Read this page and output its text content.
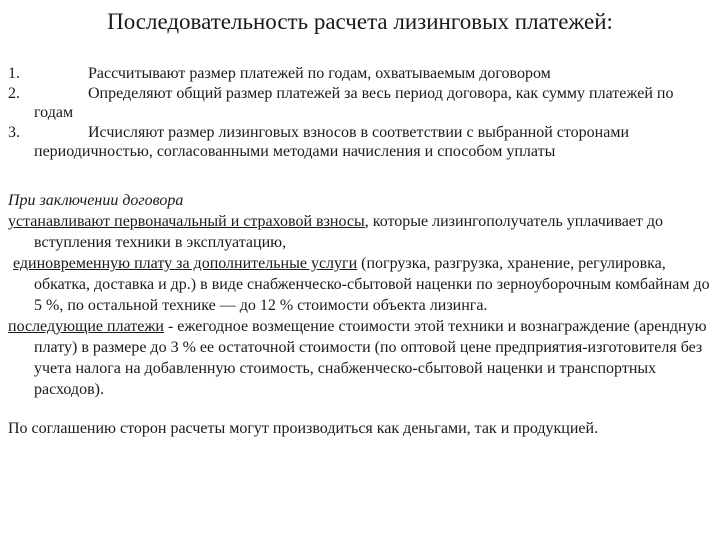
Последовательность расчета лизинговых платежей:
1.	Рассчитывают размер платежей по годам, охватываемым договором
2.	Определяют общий размер платежей за весь период договора, как сумму платежей по годам
3.	Исчисляют размер лизинговых взносов в соответствии с выбранной сторонами периодичностью, согласованными методами начисления и способом уплаты
При заключении договора
устанавливают первоначальный и страховой взносы, которые лизингополучатель уплачивает до вступления техники в эксплуатацию,
единовременную плату за дополнительные услуги (погрузка, разгрузка, хранение, регулировка, обкатка, доставка и др.) в виде снабженческо-сбытовой наценки по зерноуборочным комбайнам до 5 %, по остальной технике — до 12 % стоимости объекта лизинга.
последующие платежи - ежегодное возмещение стоимости этой техники и вознаграждение (арендную плату) в размере до 3 % ее остаточной стоимости (по оптовой цене предприятия-изготовителя без учета налога на добавленную стоимость, снабженческо-сбытовой наценки и транспортных расходов).
По соглашению сторон расчеты могут производиться как деньгами, так и продукцией.
